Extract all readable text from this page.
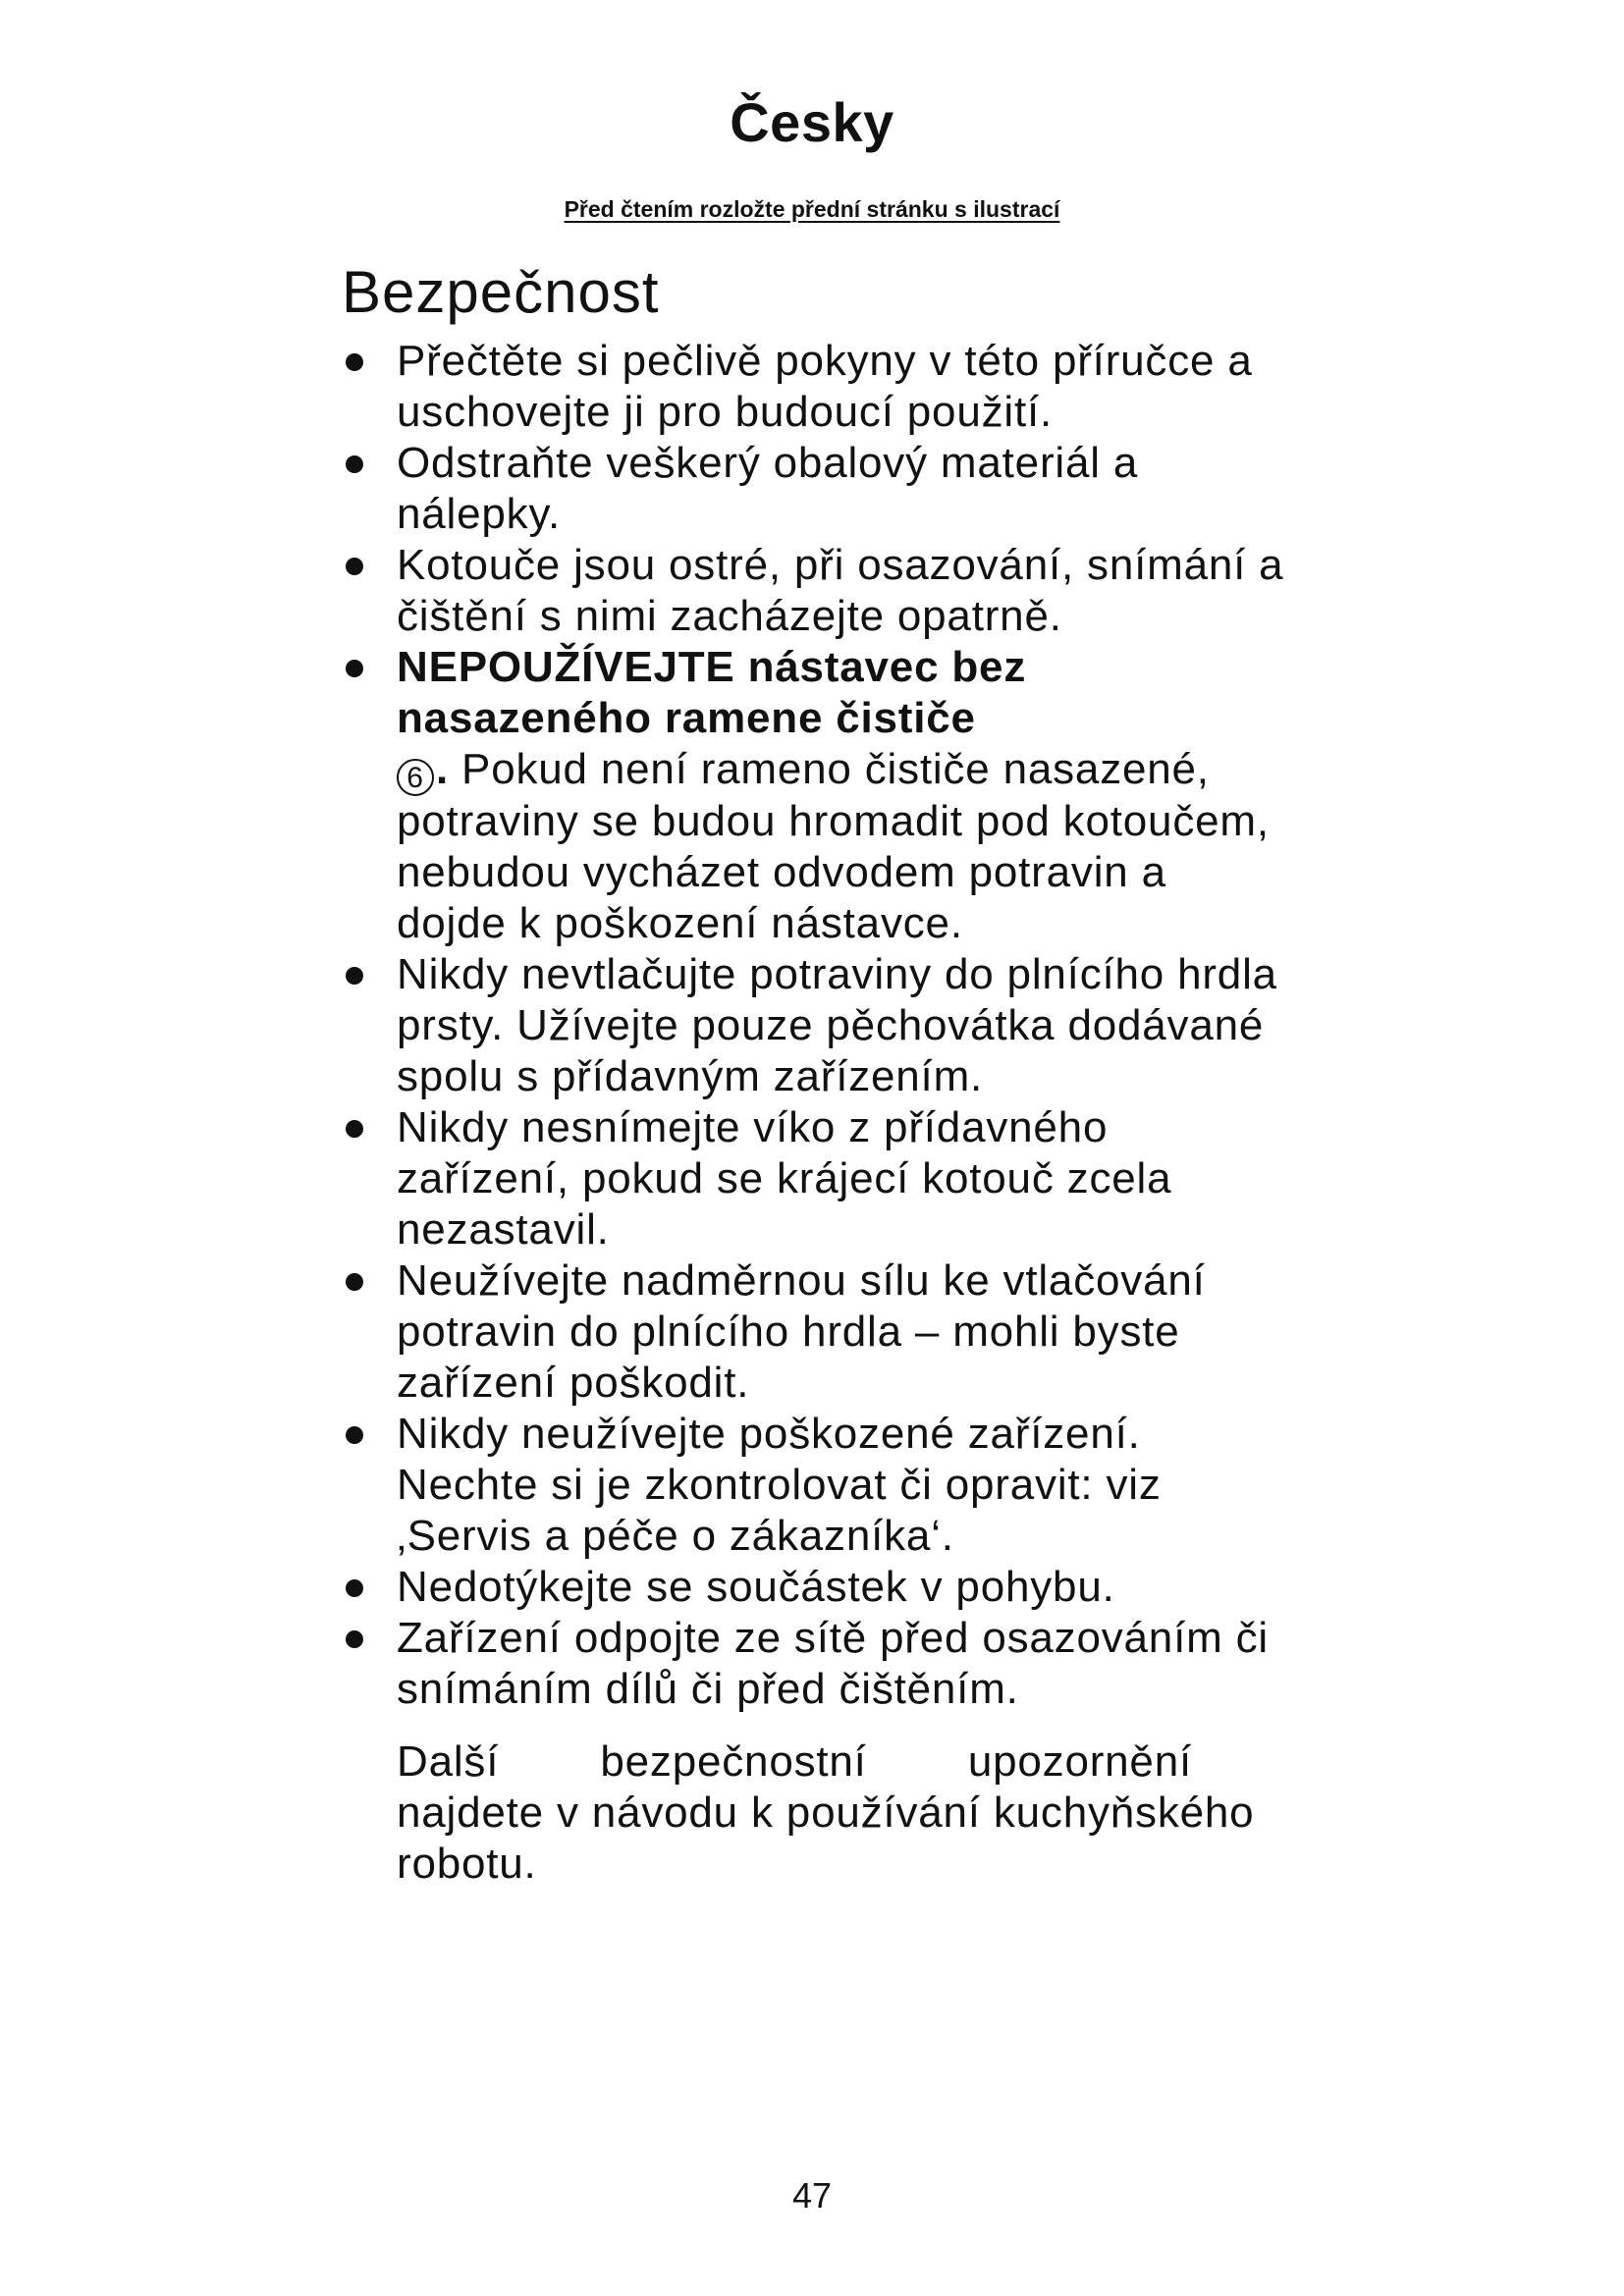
Česky
Před čtením rozložte přední stránku s ilustrací
Bezpečnost
Přečtěte si pečlivě pokyny v této příručce a uschovejte ji pro budoucí použití.
Odstraňte veškerý obalový materiál a nálepky.
Kotouče jsou ostré, při osazování, snímání a čištění s nimi zacházejte opatrně.
NEPOUŽÍVEJTE nástavec bez nasazeného ramene čističe
6 . Pokud není rameno čističe nasazené, potraviny se budou hromadit pod kotoučem, nebudou vycházet odvodem potravin a dojde k poškození nástavce.
Nikdy nevtlačujte potraviny do plnícího hrdla prsty. Užívejte pouze pěchovátka dodávané spolu s přídavným zařízením.
Nikdy nesnímejte víko z přídavného zařízení, pokud se krájecí kotouč zcela nezastavil.
Neužívejte nadměrnou sílu ke vtlačování potravin do plnícího hrdla – mohli byste zařízení poškodit.
Nikdy neužívejte poškozené zařízení. Nechte si je zkontrolovat či opravit: viz ‚Servis a péče o zákazníka‘.
Nedotýkejte se součástek v pohybu.
Zařízení odpojte ze sítě před osazováním či snímáním dílů či před čištěním.
Další bezpečnostní upozornění
najdete v návodu k používání kuchyňského robotu.
47
